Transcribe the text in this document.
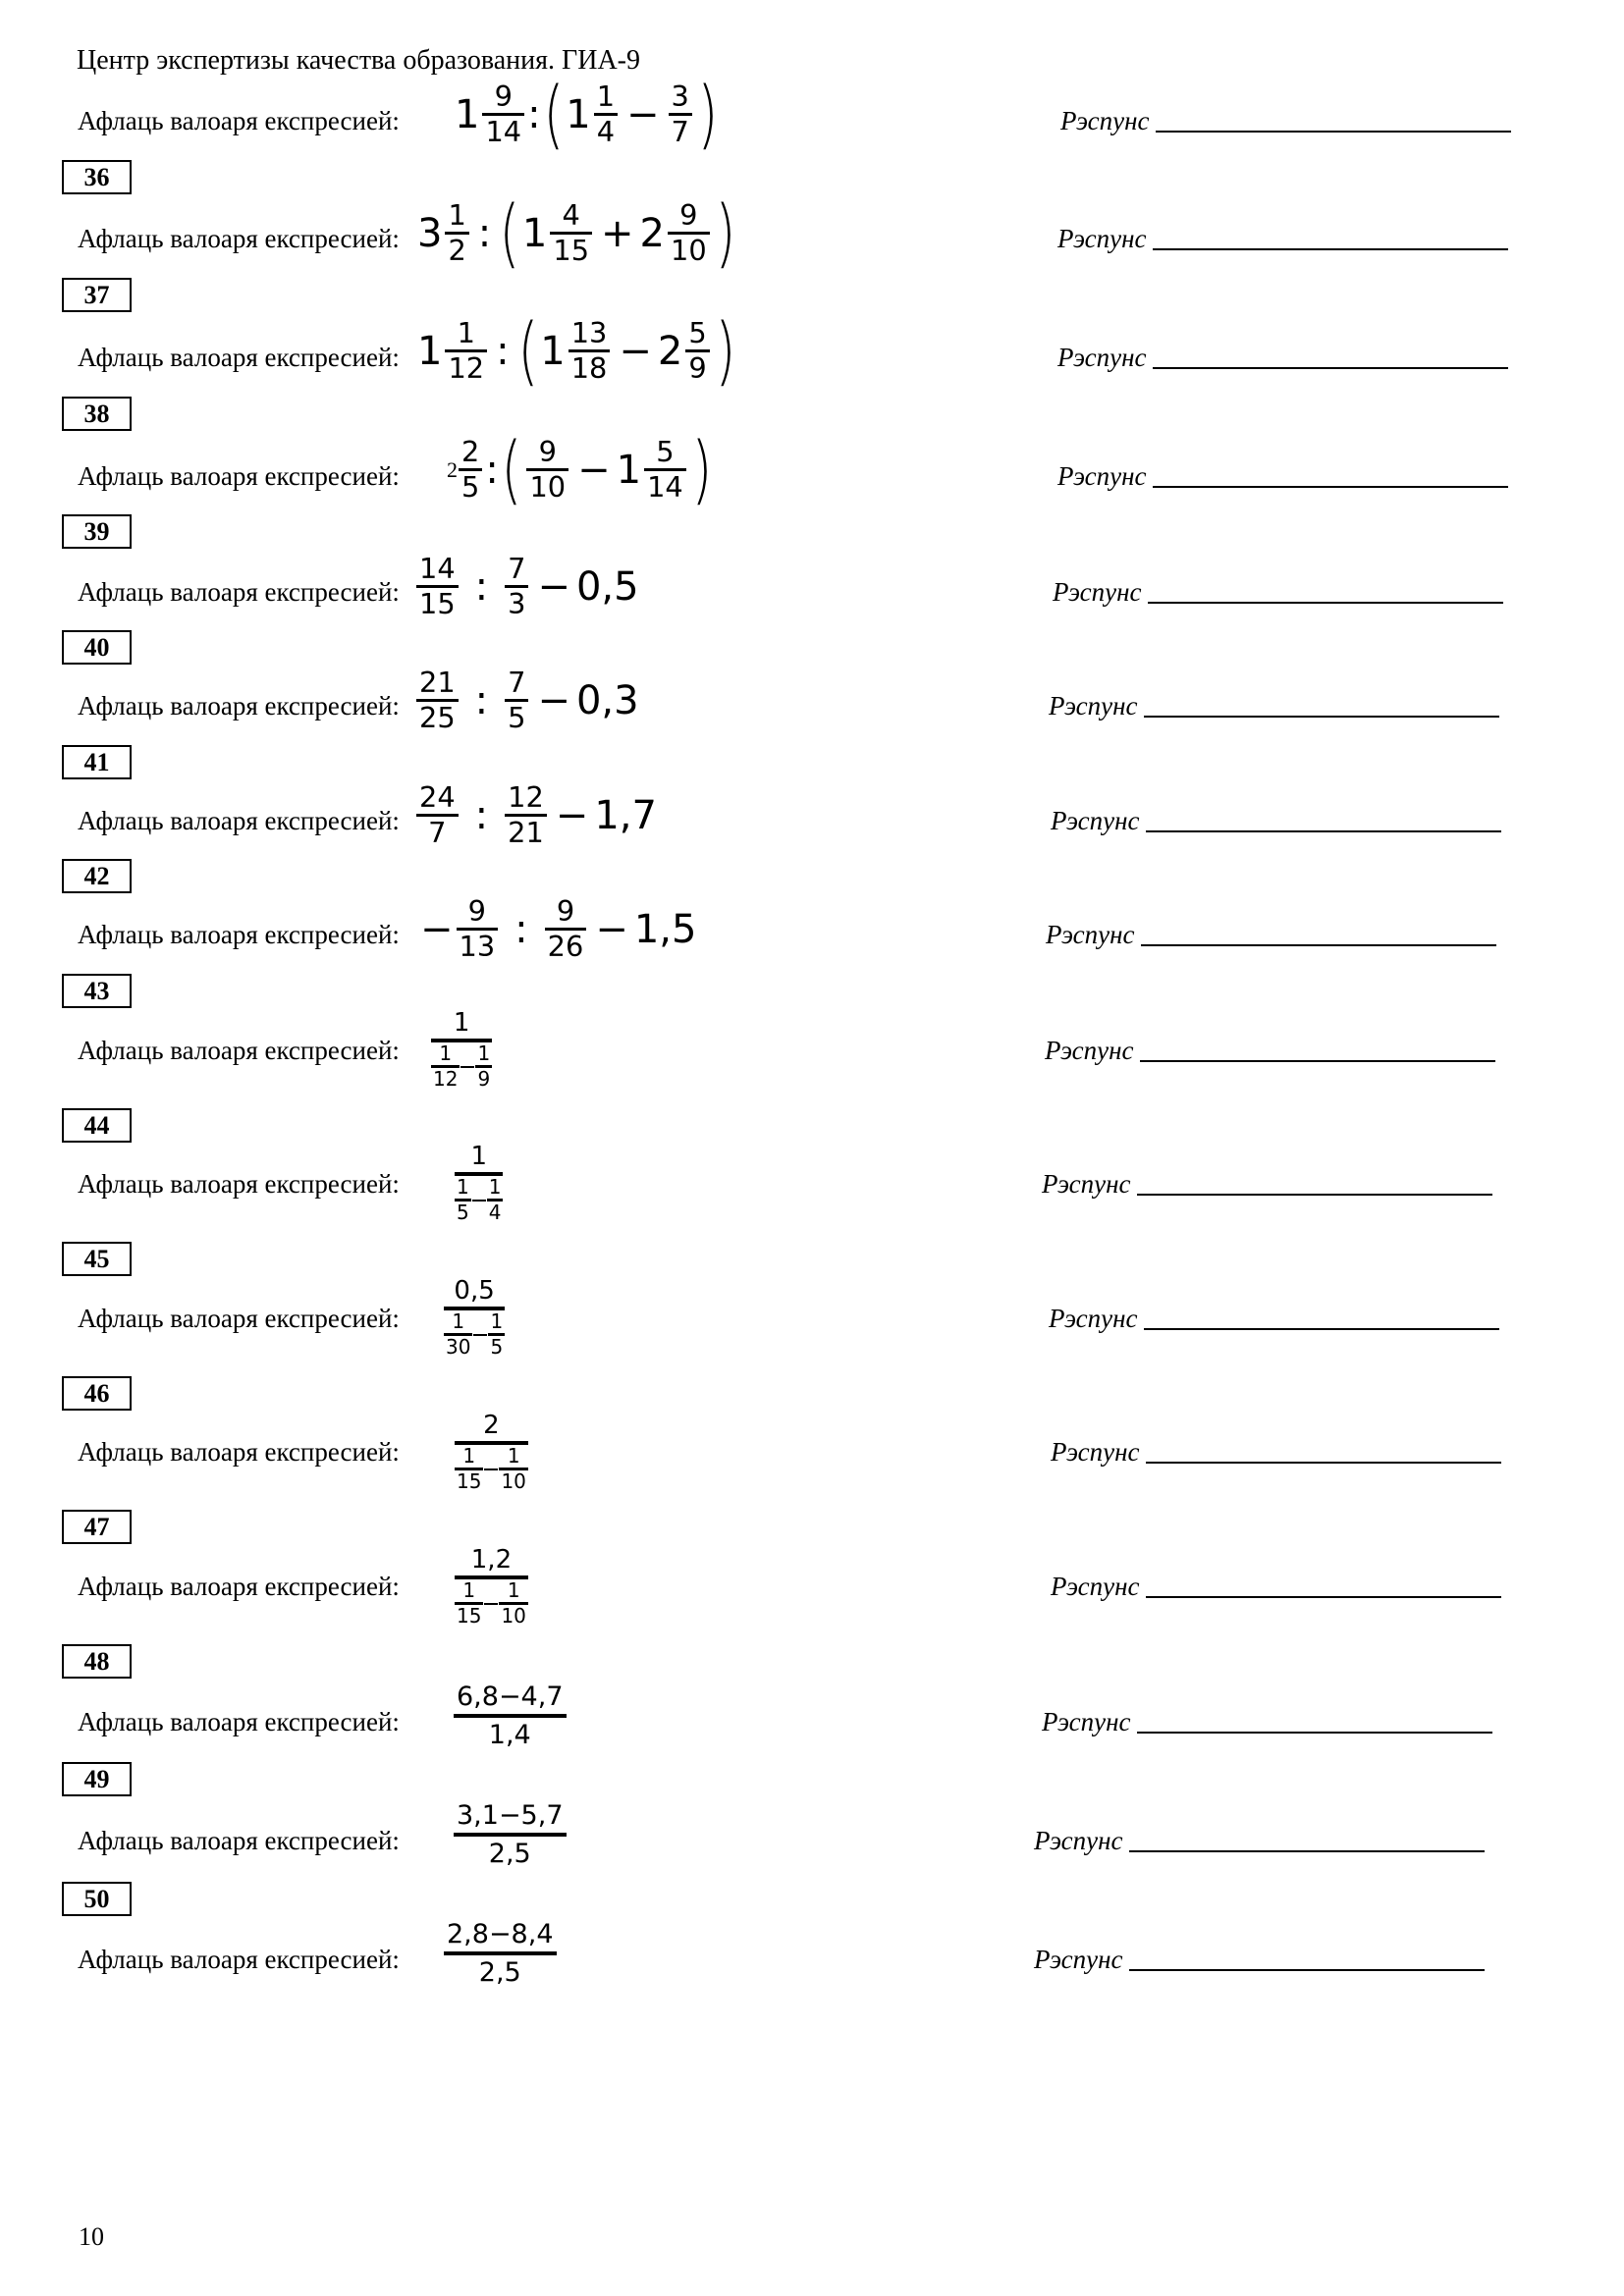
Центр экспертизы качества образования. ГИА-9
Афлаць валоаря експресией: $1 \frac{9}{14}$ : ( $1 \frac{1}{4} - \frac{3}{7}$ )	Рэспунс
36
Афлаць валоаря експресией: $3 \frac{1}{2}$ : ( $1 \frac{4}{15} + 2 \frac{9}{10}$ )	Рэспунс
37
Афлаць валоаря експресией: $1 \frac{1}{12}$ : ( $1 \frac{13}{18} - 2 \frac{5}{9}$ )	Рэспунс
38
Афлаць валоаря експресией: $2 \frac{2}{5}$ : ( $\frac{9}{10} - 1 \frac{5}{14}$ )	Рэспунс
39
Афлаць валоаря експресией: $\frac{14}{15}$ : $\frac{7}{3} - 0,5$	Рэспунс
40
Афлаць валоаря експресией: $\frac{21}{25}$ : $\frac{7}{5} - 0,3$	Рэспунс
41
Афлаць валоаря експресией: $\frac{24}{7}$ : $\frac{12}{21} - 1,7$	Рэспунс
42
Афлаць валоаря експресией: − $\frac{9}{13}$ : $\frac{9}{26} - 1,5$	Рэспунс
43
Афлаць валоаря експресией:
1
1
12
1
9
Рэспунс
44
Афлаць валоаря експресией:
1
1
5
1
4
Рэспунс
45
Афлаць валоаря експресией:
0,5
1
30
1
5
Рэспунс
46
Афлаць валоаря експресией:
2
1
15
1
10
Рэспунс
47
Афлаць валоаря експресией:
1,2
1
15
1
10
Рэспунс
48
Афлаць валоаря експресией:
6,8−4,7
1,4	Рэспунс
49
Афлаць валоаря експресией:
3,1−5,7
2,5	Рэспунс
50
Афлаць валоаря експресией:
2,8−8,4
2,5	Рэспунс
10
